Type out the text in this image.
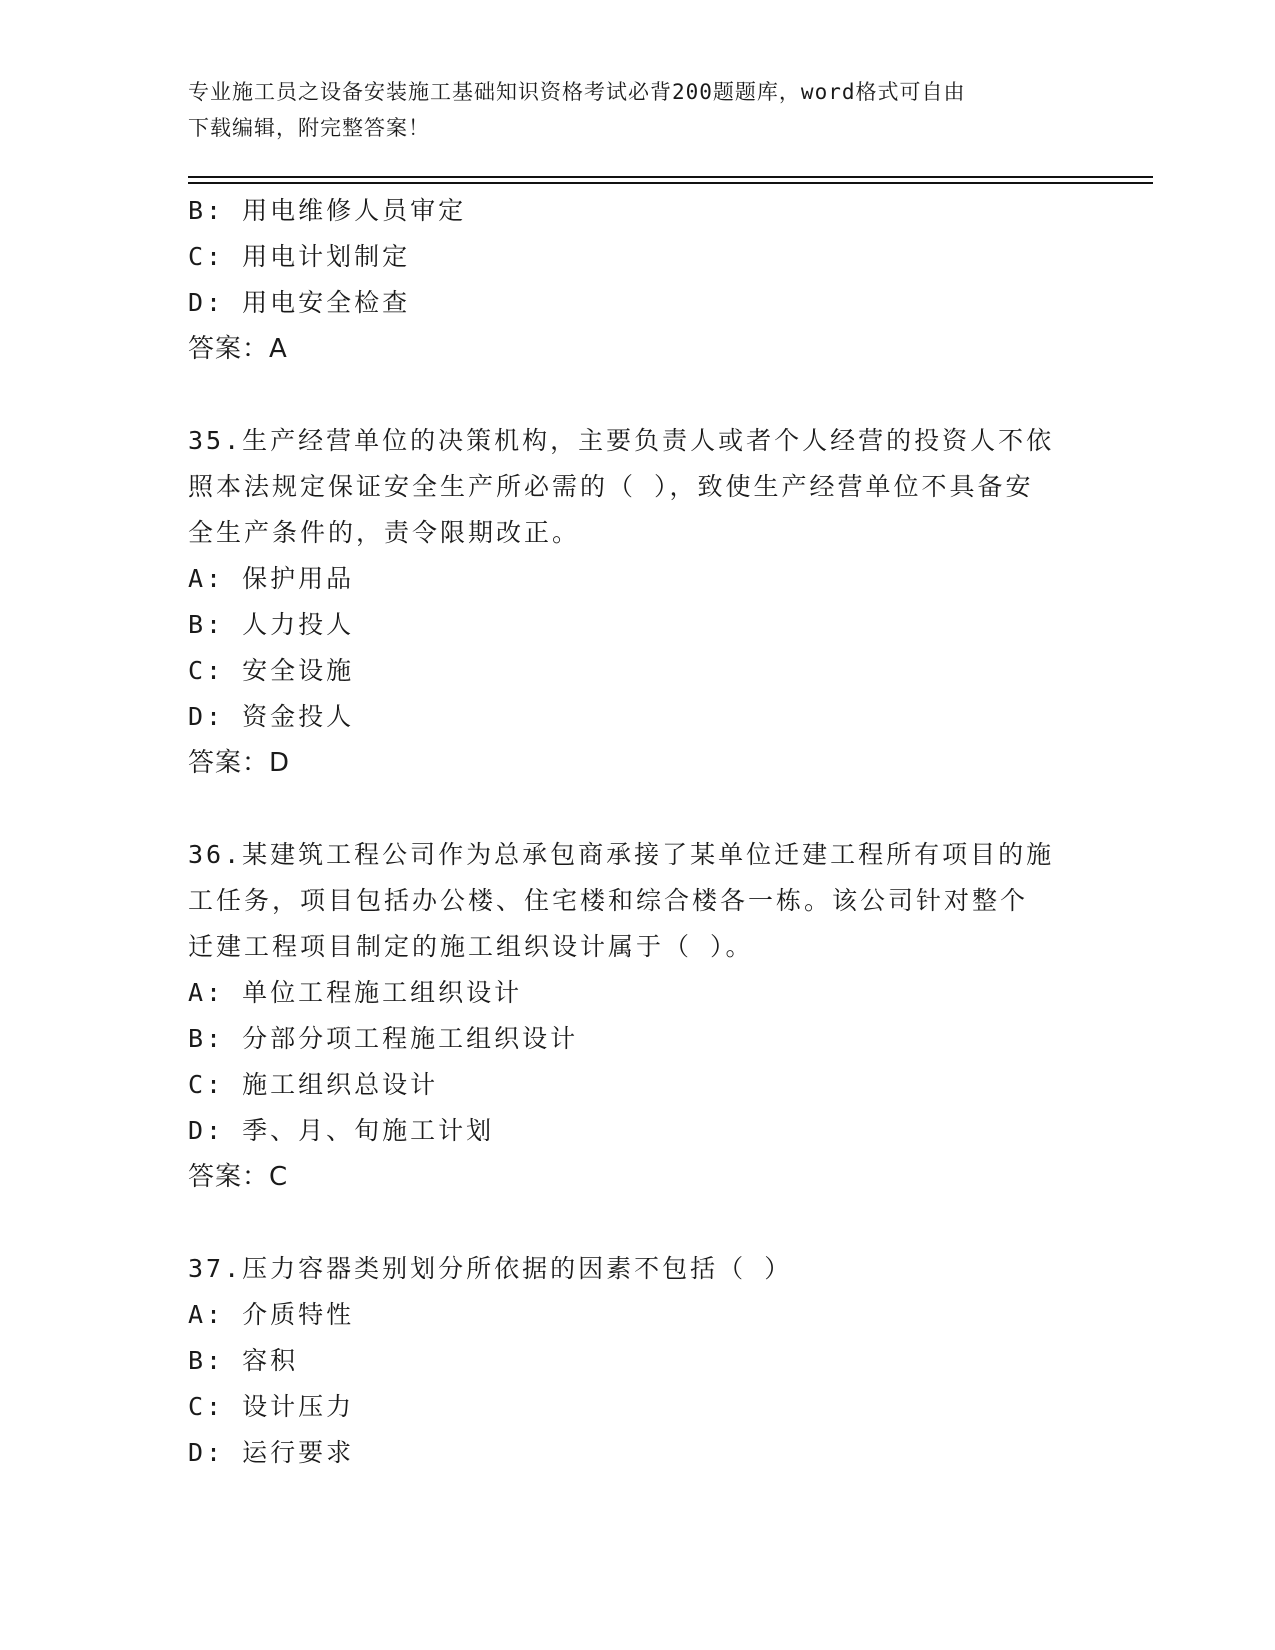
专业施工员之设备安装施工基础知识资格考试必背200题题库，word格式可自由
下载编辑，附完整答案！
B: 用电维修人员审定
C: 用电计划制定
D: 用电安全检查
答案：A
35.生产经营单位的决策机构，主要负责人或者个人经营的投资人不依
照本法规定保证安全生产所必需的（ ），致使生产经营单位不具备安
全生产条件的，责令限期改正。
A: 保护用品
B: 人力投人
C: 安全设施
D: 资金投人
答案：D
36.某建筑工程公司作为总承包商承接了某单位迁建工程所有项目的施
工任务，项目包括办公楼、住宅楼和综合楼各一栋。该公司针对整个
迁建工程项目制定的施工组织设计属于（ ）。
A: 单位工程施工组织设计
B: 分部分项工程施工组织设计
C: 施工组织总设计
D: 季、月、旬施工计划
答案：C
37.压力容器类别划分所依据的因素不包括（ ）
A: 介质特性
B: 容积
C: 设计压力
D: 运行要求
